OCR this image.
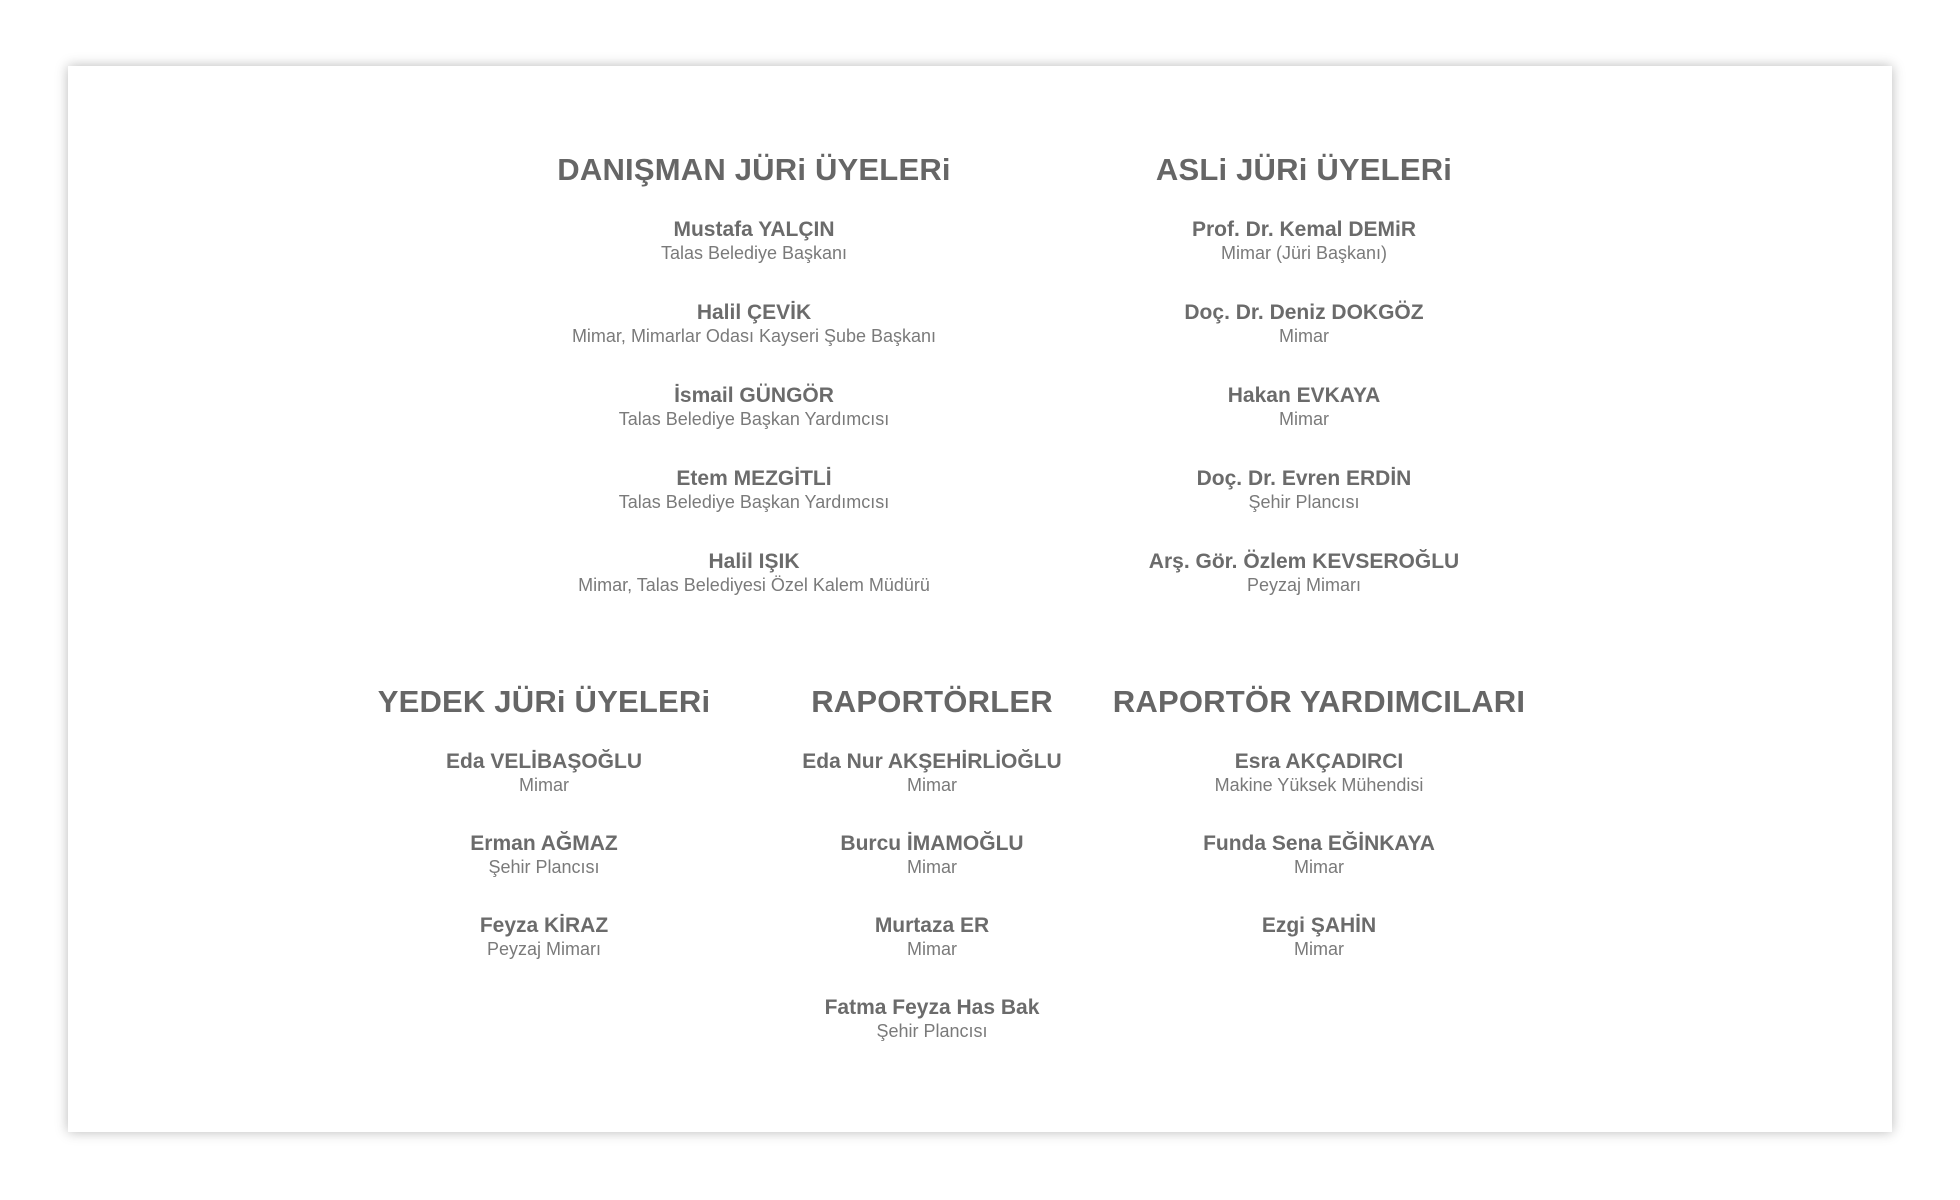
DANIŞMAN JÜRi ÜYELERi
Mustafa YALÇIN
Talas Belediye Başkanı
Halil ÇEVİK
Mimar, Mimarlar Odası Kayseri Şube Başkanı
İsmail GÜNGÖR
Talas Belediye Başkan Yardımcısı
Etem MEZGİTLİ
Talas Belediye Başkan Yardımcısı
Halil IŞIK
Mimar, Talas Belediyesi Özel Kalem Müdürü
ASLi JÜRi ÜYELERi
Prof. Dr. Kemal DEMiR
Mimar (Jüri Başkanı)
Doç. Dr. Deniz DOKGÖZ
Mimar
Hakan EVKAYA
Mimar
Doç. Dr. Evren ERDİN
Şehir Plancısı
Arş. Gör. Özlem KEVSEROĞLU
Peyzaj Mimarı
YEDEK JÜRi ÜYELERi
Eda VELİBAŞOĞLU
Mimar
Erman AĞMAZ
Şehir Plancısı
Feyza KİRAZ
Peyzaj Mimarı
RAPORTÖRLER
Eda Nur AKŞEHİRLİOĞLU
Mimar
Burcu İMAMOĞLU
Mimar
Murtaza ER
Mimar
Fatma Feyza Has Bak
Şehir Plancısı
RAPORTÖR YARDIMCILARI
Esra AKÇADIRCI
Makine Yüksek Mühendisi
Funda Sena EĞİNKAYA
Mimar
Ezgi ŞAHİN
Mimar
